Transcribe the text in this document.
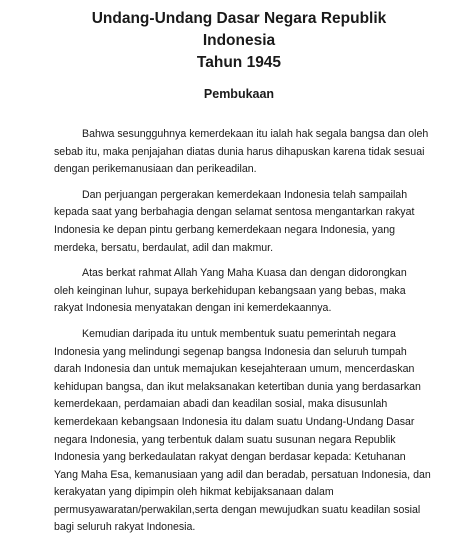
Undang-Undang Dasar Negara Republik Indonesia
Tahun 1945
Pembukaan

Bahwa sesungguhnya kemerdekaan itu ialah hak segala bangsa dan oleh
sebab itu, maka penjajahan diatas dunia harus dihapuskan karena tidak sesuai
dengan perikemanusiaan dan perikeadilan.

Dan perjuangan pergerakan kemerdekaan Indonesia telah sampailah
kepada saat yang berbahagia dengan selamat sentosa mengantarkan rakyat
Indonesia ke depan pintu gerbang kemerdekaan negara Indonesia, yang
merdeka, bersatu, berdaulat, adil dan makmur.

Atas berkat rahmat Allah Yang Maha Kuasa dan dengan didorongkan
oleh keinginan luhur, supaya berkehidupan kebangsaan yang bebas, maka
rakyat Indonesia menyatakan dengan ini kemerdekaannya.

Kemudian daripada itu untuk membentuk suatu pemerintah negara
Indonesia yang melindungi segenap bangsa Indonesia dan seluruh tumpah
darah Indonesia dan untuk memajukan kesejahteraan umum, mencerdaskan
kehidupan bangsa, dan ikut melaksanakan ketertiban dunia yang berdasarkan
kemerdekaan, perdamaian abadi dan keadilan sosial, maka disusunlah
kemerdekaan kebangsaan Indonesia itu dalam suatu Undang-Undang Dasar
negara Indonesia, yang terbentuk dalam suatu susunan negara Republik
Indonesia yang berkedaulatan rakyat dengan berdasar kepada: Ketuhanan
Yang Maha Esa, kemanusiaan yang adil dan beradab, persatuan Indonesia, dan
kerakyatan yang dipimpin oleh hikmat kebijaksanaan dalam
permusyawaratan/perwakilan,serta dengan mewujudkan suatu keadilan sosial
bagi seluruh rakyat Indonesia.
